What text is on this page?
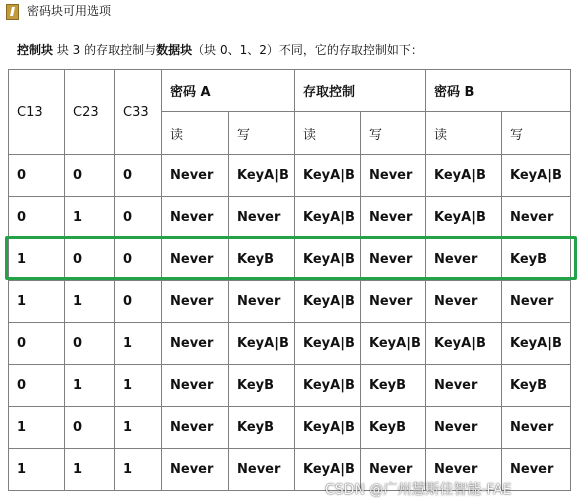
密码块可用选项
控制块 块 3 的存取控制与数据块（块 0、1、2）不同，它的存取控制如下：
C13	C23	C33	密码 A		存取控制		密码 B	
			读	写	读	写	读	写
0	0	0	Never	KeyA|B	KeyA|B	Never	KeyA|B	KeyA|B
0	1	0	Never	Never	KeyA|B	Never	KeyA|B	Never
1	0	0	Never	KeyB	KeyA|B	Never	Never	KeyB
1	1	0	Never	Never	KeyA|B	Never	Never	Never
0	0	1	Never	KeyA|B	KeyA|B	KeyA|B	KeyA|B	KeyA|B
0	1	1	Never	KeyB	KeyA|B	KeyB	Never	KeyB
1	0	1	Never	KeyB	KeyA|B	KeyB	Never	Never
1	1	1	Never	Never	KeyA|B	Never	Never	Never
CSDN @广州慧斯佳智能-FAE
